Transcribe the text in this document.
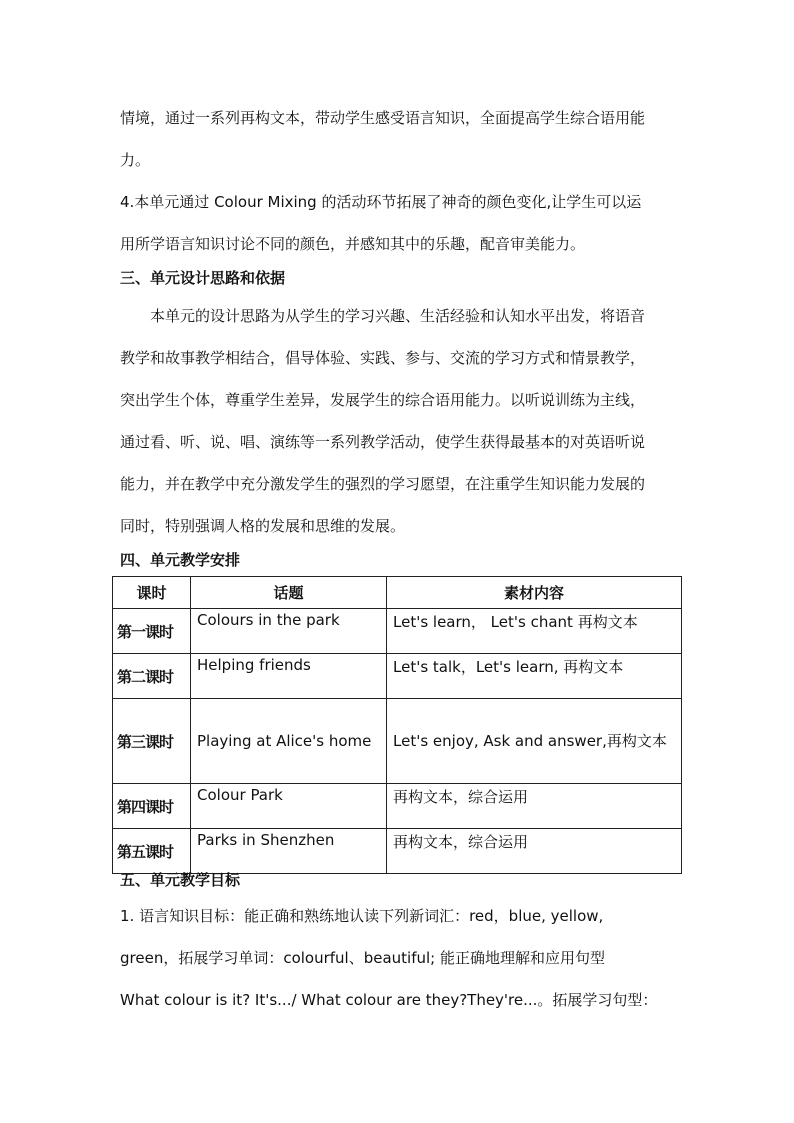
情境，通过一系列再构文本，带动学生感受语言知识，全面提高学生综合语用能
力。
4.本单元通过 Colour Mixing 的活动环节拓展了神奇的颜色变化,让学生可以运
用所学语言知识讨论不同的颜色，并感知其中的乐趣，配音审美能力。
三、单元设计思路和依据
本单元的设计思路为从学生的学习兴趣、生活经验和认知水平出发，将语音
教学和故事教学相结合，倡导体验、实践、参与、交流的学习方式和情景教学，
突出学生个体，尊重学生差异，发展学生的综合语用能力。以听说训练为主线，
通过看、听、说、唱、演练等一系列教学活动，使学生获得最基本的对英语听说
能力，并在教学中充分激发学生的强烈的学习愿望，在注重学生知识能力发展的
同时，特别强调人格的发展和思维的发展。
四、单元教学安排
课时	话题	素材内容
第一课时	Colours in the park	Let's learn， Let's chant 再构文本
第二课时	Helping friends	Let's talk，Let's learn, 再构文本
第三课时	Playing at Alice's home	Let's enjoy, Ask and answer,再构文本
第四课时	Colour Park	再构文本，综合运用
第五课时	Parks in Shenzhen	再构文本，综合运用
五、单元教学目标
1. 语言知识目标：能正确和熟练地认读下列新词汇：red，blue, yellow,
green，拓展学习单词：colourful、beautiful; 能正确地理解和应用句型
What colour is it? It's.../ What colour are they?They're...。拓展学习句型：
